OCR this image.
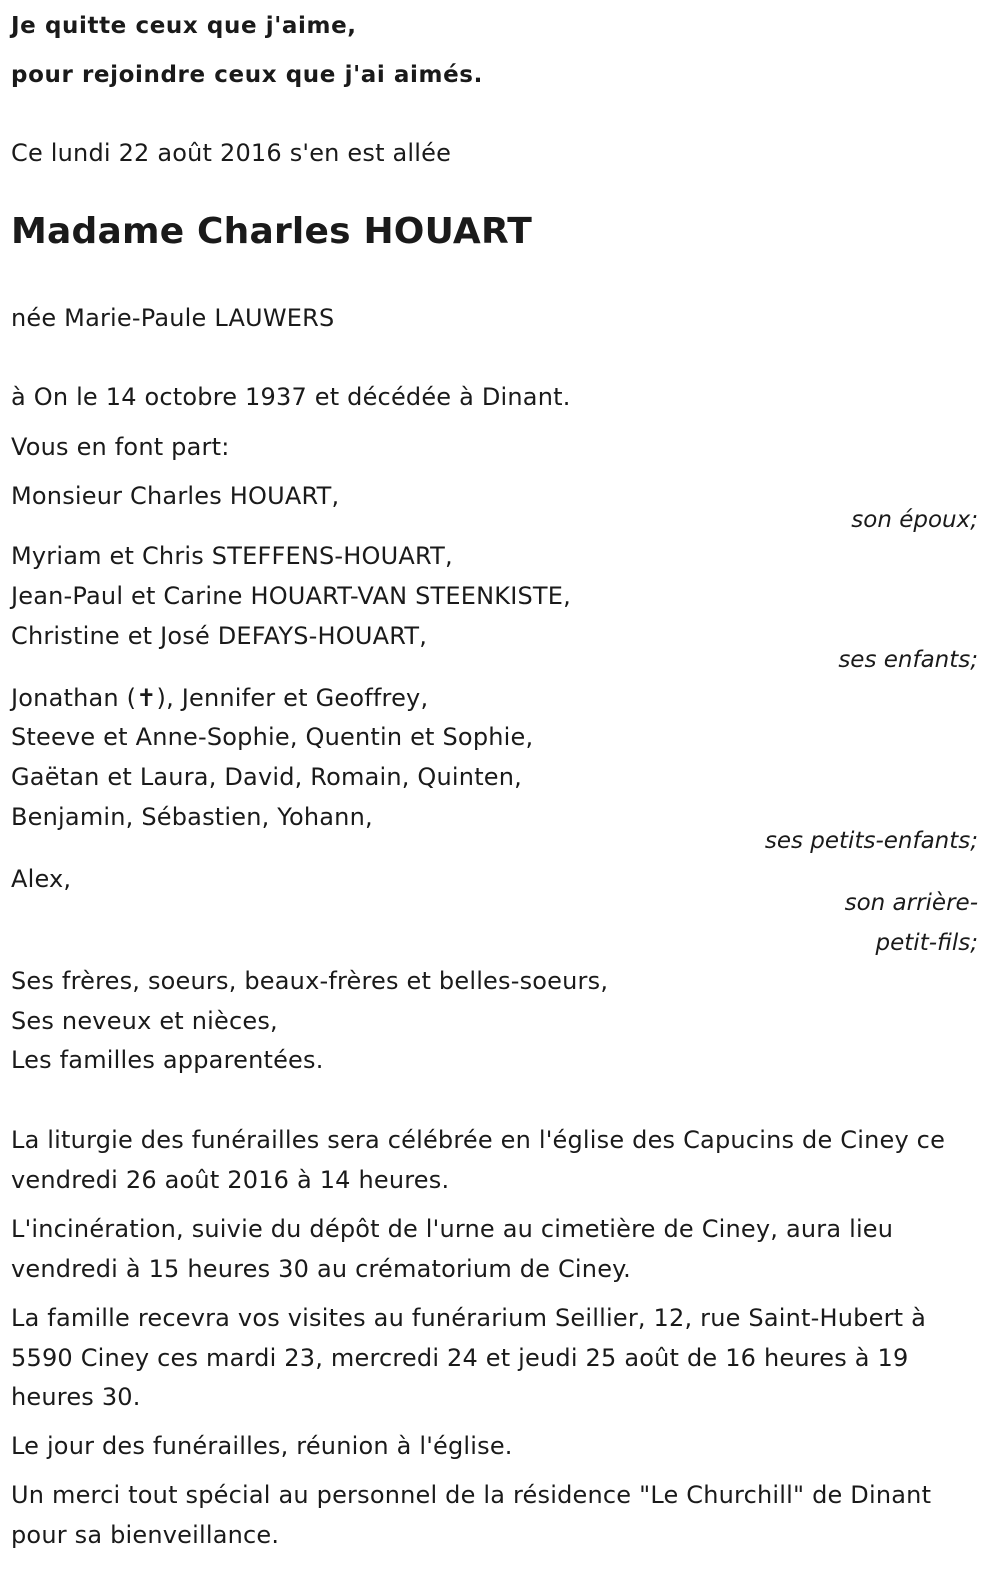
Je quitte ceux que j'aime,
pour rejoindre ceux que j'ai aimés.
Ce lundi 22 août 2016 s'en est allée
Madame Charles HOUART
née Marie-Paule LAUWERS
à On le 14 octobre 1937 et décédée à Dinant.
Vous en font part:
Monsieur Charles HOUART,
son époux;
Myriam et Chris STEFFENS-HOUART,
Jean-Paul et Carine HOUART-VAN STEENKISTE,
Christine et José DEFAYS-HOUART,
ses enfants;
Jonathan (✝), Jennifer et Geoffrey,
Steeve et Anne-Sophie, Quentin et Sophie,
Gaëtan et Laura, David, Romain, Quinten,
Benjamin, Sébastien, Yohann,
ses petits-enfants;
Alex,
son arrière-
petit-fils;
Ses frères, soeurs, beaux-frères et belles-soeurs,
Ses neveux et nièces,
Les familles apparentées.
La liturgie des funérailles sera célébrée en l'église des Capucins de Ciney ce vendredi 26 août 2016 à 14 heures.
L'incinération, suivie du dépôt de l'urne au cimetière de Ciney, aura lieu vendredi à 15 heures 30 au crématorium de Ciney.
La famille recevra vos visites au funérarium Seillier, 12, rue Saint-Hubert à 5590 Ciney ces mardi 23, mercredi 24 et jeudi 25 août de 16 heures à 19 heures 30.
Le jour des funérailles, réunion à l'église.
Un merci tout spécial au personnel de la résidence "Le Churchill" de Dinant pour sa bienveillance.
